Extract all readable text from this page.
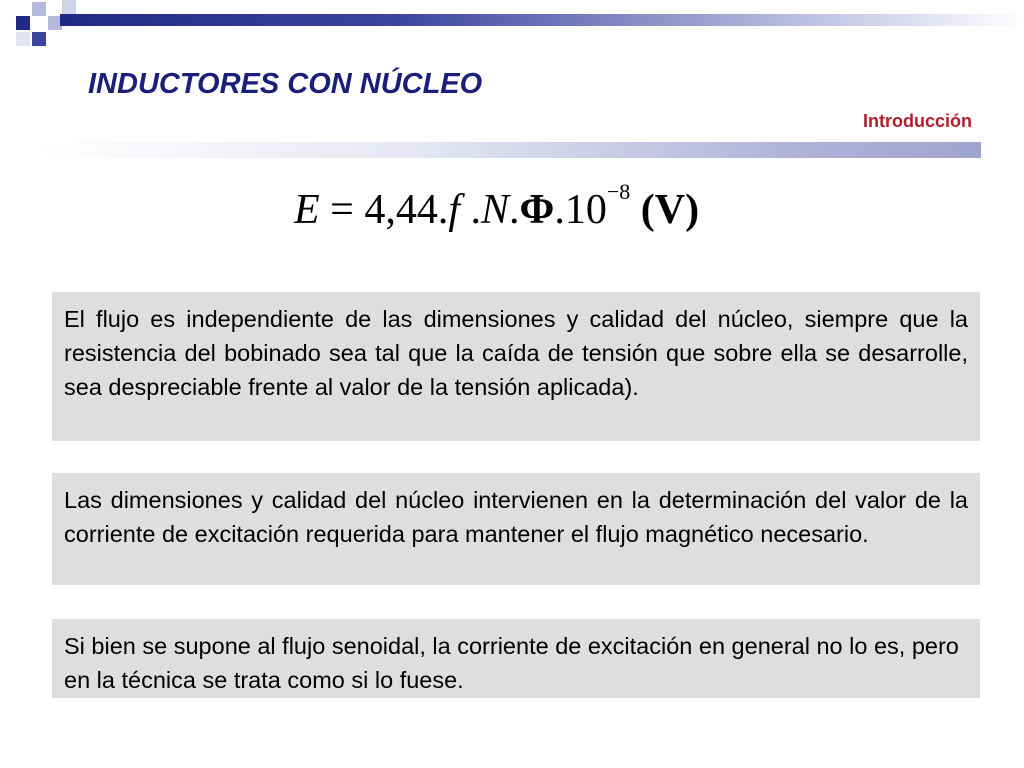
INDUCTORES CON NÚCLEO
Introducción
E = 4,44.f $.N.\Phi.10^{-8}$ (V)
El flujo es independiente de las dimensiones y calidad del núcleo, siempre que la resistencia del bobinado sea tal que la caída de tensión que sobre ella se desarrolle, sea despreciable frente al valor de la tensión aplicada).
Las dimensiones y calidad del núcleo intervienen en la determinación del valor de la corriente de excitación requerida para mantener el flujo magnético necesario.
Si bien se supone al flujo senoidal, la corriente de excitación en general no lo es, pero en la técnica se trata como si lo fuese.
